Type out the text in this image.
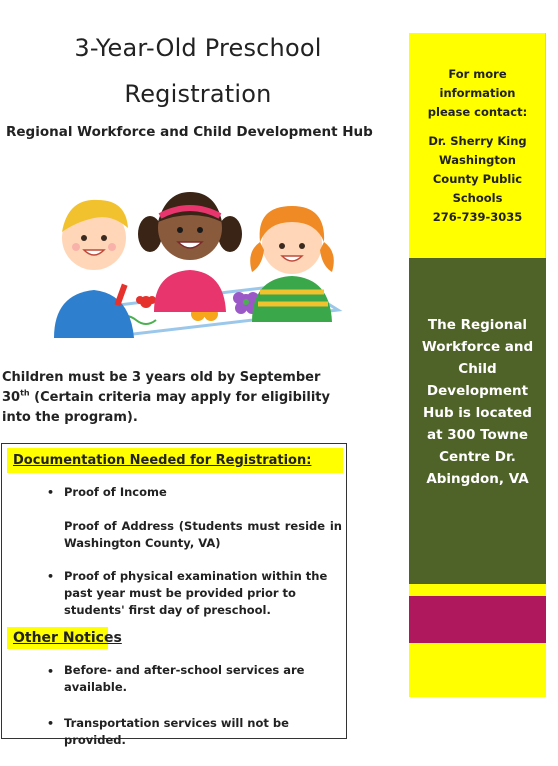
3-Year-Old Preschool
Registration
Regional Workforce and Child Development Hub
Children must be 3 years old by September 30th (Certain criteria may apply for eligibility into the program).
Documentation Needed for Registration:
• Proof of Income
Proof of Address (Students must reside in Washington County, VA)
• Proof of physical examination within the past year must be provided prior to students' first day of preschool.
Other Notices
• Before- and after-school services are available.
• Transportation services will not be provided.
For more
information
please contact:
Dr. Sherry King
Washington
County Public
Schools
276-739-3035
The Regional
Workforce and
Child
Development
Hub is located
at 300 Towne
Centre Dr.
Abingdon, VA
